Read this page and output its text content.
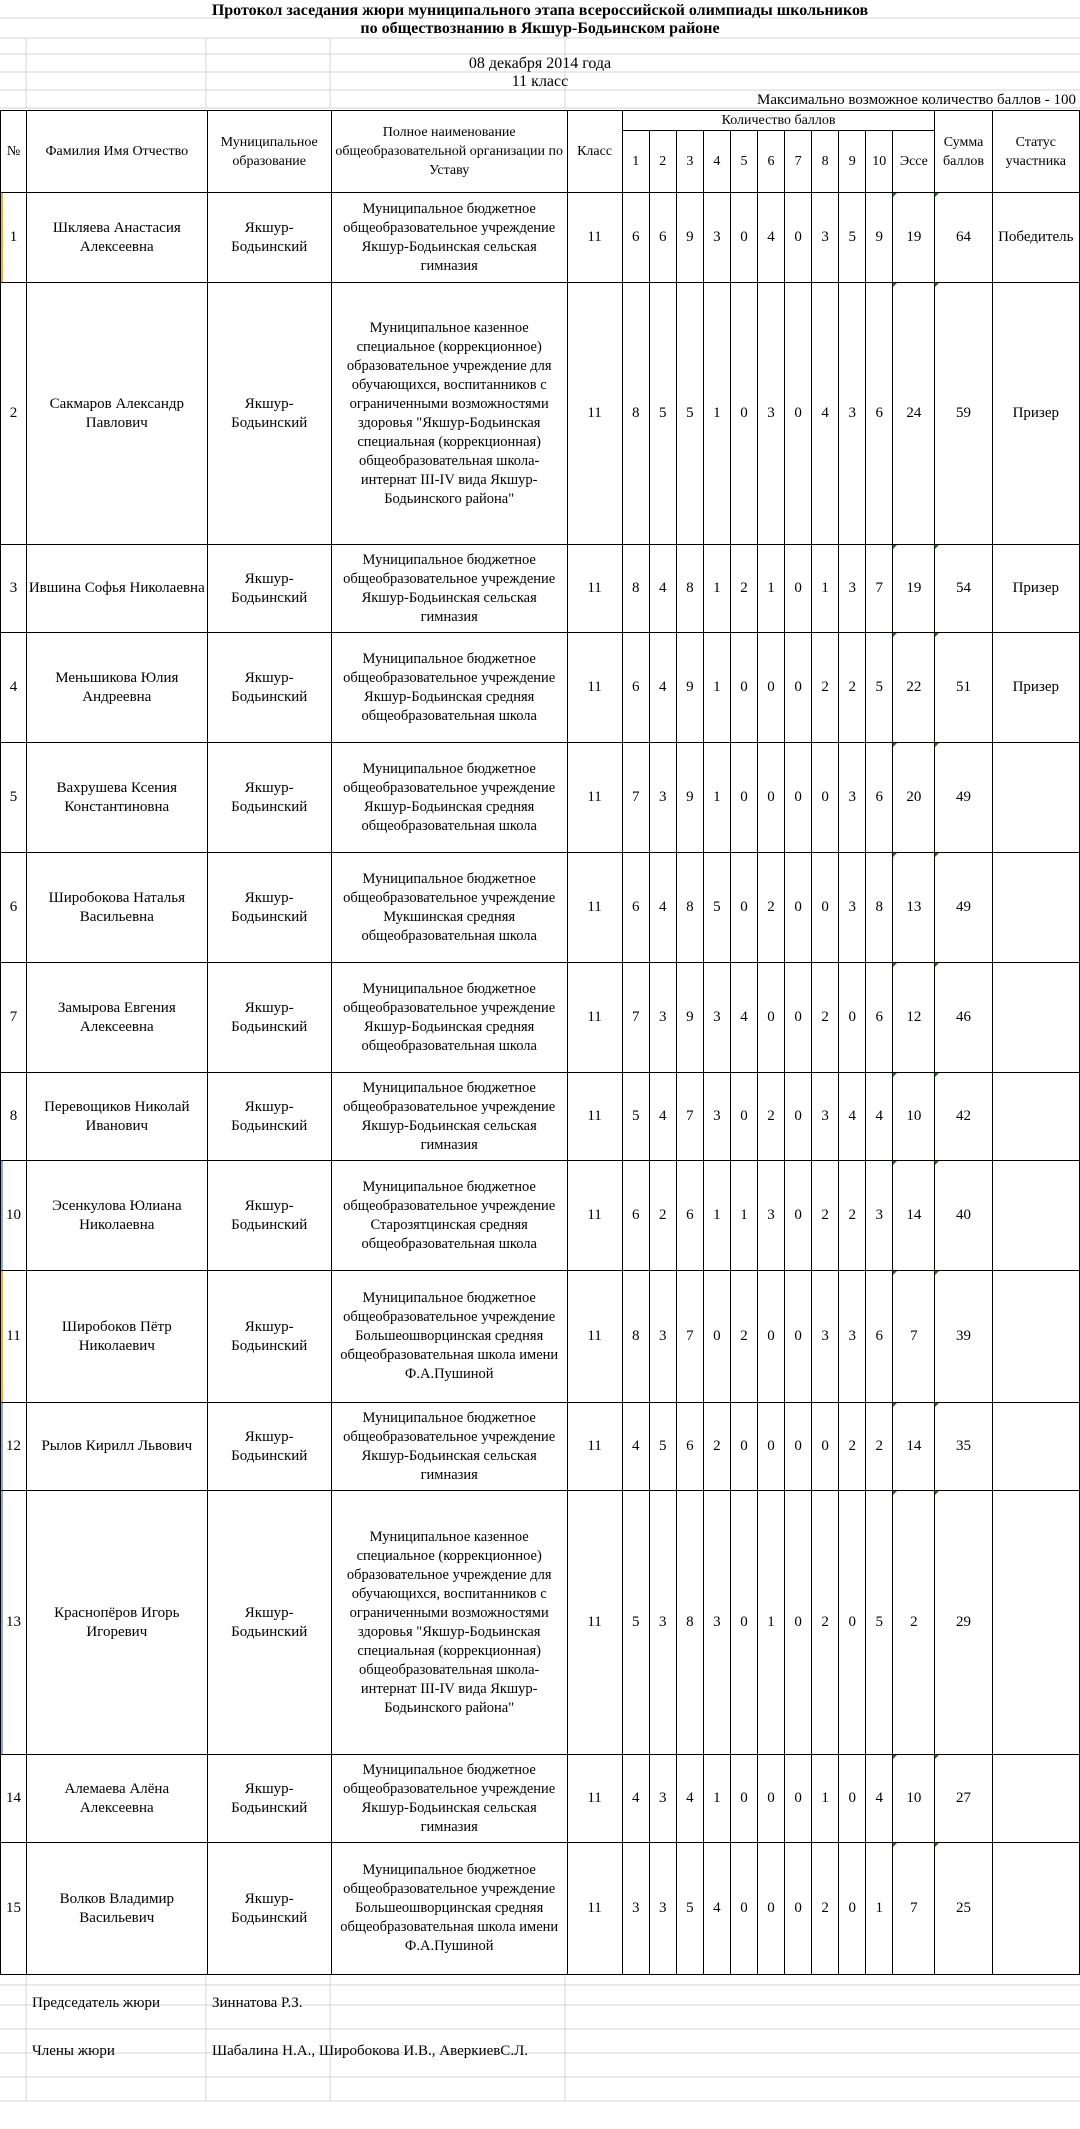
Протокол заседания жюри муниципального этапа всероссийской олимпиады школьников
по обществознанию в Якшур-Бодьинском районе
08 декабря 2014 года
11 класс
Максимально возможное количество баллов - 100
№	Фамилия Имя Отчество	Муниципальное образование	Полное наименование общеобразовательной организации по Уставу	Класс	Количество баллов											Сумма баллов	Статус участника
					1	2	3	4	5	6	7	8	9	10	Эссе		
1	Шкляева Анастасия Алексеевна	Якшур-Бодьинский	Муниципальное бюджетное общеобразовательное учреждение Якшур-Бодьинская сельская гимназия	11	6	6	9	3	0	4	0	3	5	9	19	64	Победитель
2	Сакмаров Александр Павлович	Якшур-Бодьинский	Муниципальное казенное специальное (коррекционное) образовательное учреждение для обучающихся, воспитанников с ограниченными возможностями здоровья "Якшур-Бодьинская специальная (коррекционная) общеобразовательная школа-интернат III-IV вида Якшур-Бодьинского района"	11	8	5	5	1	0	3	0	4	3	6	24	59	Призер
3	Ившина Софья Николаевна	Якшур-Бодьинский	Муниципальное бюджетное общеобразовательное учреждение Якшур-Бодьинская сельская гимназия	11	8	4	8	1	2	1	0	1	3	7	19	54	Призер
4	Меньшикова Юлия Андреевна	Якшур-Бодьинский	Муниципальное бюджетное общеобразовательное учреждение Якшур-Бодьинская средняя общеобразовательная школа	11	6	4	9	1	0	0	0	2	2	5	22	51	Призер
5	Вахрушева Ксения Константиновна	Якшур-Бодьинский	Муниципальное бюджетное общеобразовательное учреждение Якшур-Бодьинская средняя общеобразовательная школа	11	7	3	9	1	0	0	0	0	3	6	20	49	
6	Широбокова Наталья Васильевна	Якшур-Бодьинский	Муниципальное бюджетное общеобразовательное учреждение Мукшинская средняя общеобразовательная школа	11	6	4	8	5	0	2	0	0	3	8	13	49	
7	Замырова Евгения Алексеевна	Якшур-Бодьинский	Муниципальное бюджетное общеобразовательное учреждение Якшур-Бодьинская средняя общеобразовательная школа	11	7	3	9	3	4	0	0	2	0	6	12	46	
8	Перевощиков Николай Иванович	Якшур-Бодьинский	Муниципальное бюджетное общеобразовательное учреждение Якшур-Бодьинская сельская гимназия	11	5	4	7	3	0	2	0	3	4	4	10	42	
10	Эсенкулова Юлиана Николаевна	Якшур-Бодьинский	Муниципальное бюджетное общеобразовательное учреждение Старозятцинская средняя общеобразовательная школа	11	6	2	6	1	1	3	0	2	2	3	14	40	
11	Широбоков Пётр Николаевич	Якшур-Бодьинский	Муниципальное бюджетное общеобразовательное учреждение Большеошворцинская средняя общеобразовательная школа имени Ф.А.Пушиной	11	8	3	7	0	2	0	0	3	3	6	7	39	
12	Рылов Кирилл Львович	Якшур-Бодьинский	Муниципальное бюджетное общеобразовательное учреждение Якшур-Бодьинская сельская гимназия	11	4	5	6	2	0	0	0	0	2	2	14	35	
13	Краснопёров Игорь Игоревич	Якшур-Бодьинский	Муниципальное казенное специальное (коррекционное) образовательное учреждение для обучающихся, воспитанников с ограниченными возможностями здоровья "Якшур-Бодьинская специальная (коррекционная) общеобразовательная школа-интернат III-IV вида Якшур-Бодьинского района"	11	5	3	8	3	0	1	0	2	0	5	2	29	
14	Алемаева Алёна Алексеевна	Якшур-Бодьинский	Муниципальное бюджетное общеобразовательное учреждение Якшур-Бодьинская сельская гимназия	11	4	3	4	1	0	0	0	1	0	4	10	27	
15	Волков Владимир Васильевич	Якшур-Бодьинский	Муниципальное бюджетное общеобразовательное учреждение Большеошворцинская средняя общеобразовательная школа имени Ф.А.Пушиной	11	3	3	5	4	0	0	0	2	0	1	7	25	
Председатель жюри	Зиннатова Р.З.
Члены жюри	Шабалина Н.А., Широбокова И.В., АверкиевС.Л.
